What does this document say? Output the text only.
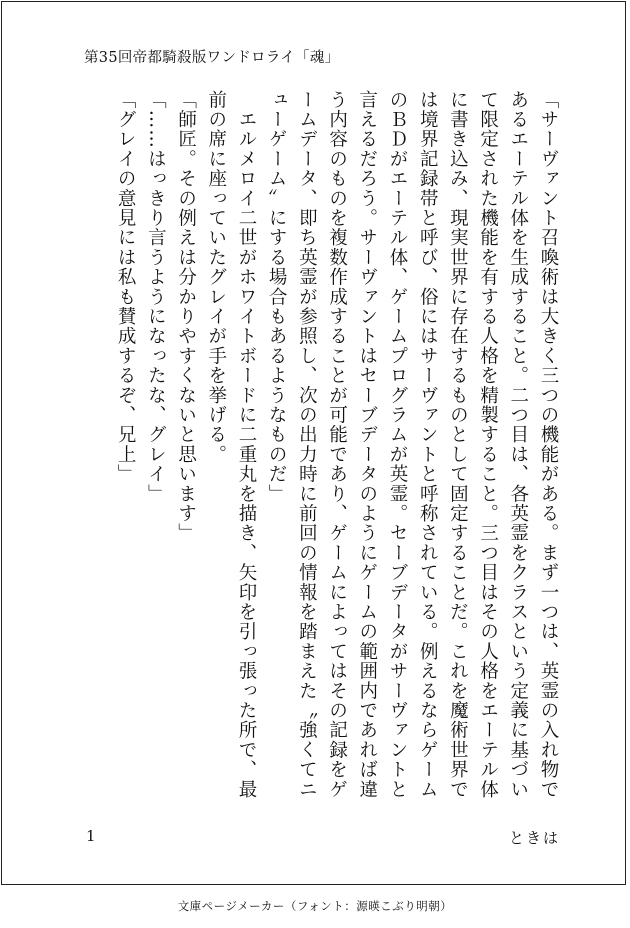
第35回帝都騎殺版ワンドロライ「魂」

「サーヴァント召喚術は大きく三つの機能がある。まず一つは、英霊の入れ物で

あるエーテル体を生成すること。二つ目は、各英霊をクラスという定義に基づい

て限定された機能を有する人格を精製すること。三つ目はその人格をエーテル体

に書き込み、現実世界に存在するものとして固定することだ。これを魔術世界で

は境界記録帯と呼び、俗にはサーヴァントと呼称されている。例えるならゲーム

のＢＤがエーテル体、ゲームプログラムが英霊。セーブデータがサーヴァントと

言えるだろう。サーヴァントはセーブデータのようにゲームの範囲内であれば違

う内容のものを複数作成することが可能であり、ゲームによってはその記録をゲ

ームデータ、即ち英霊が参照し、次の出力時に前回の情報を踏まえた〝強くてニ

ューゲーム〟にする場合もあるようなものだ」

　エルメロイ二世がホワイトボードに二重丸を描き、矢印を引っ張った所で、最

前の席に座っていたグレイが手を挙げる。

「師匠。その例えは分かりやすくないと思います」

「……はっきり言うようになったな、グレイ」

「グレイの意見には私も賛成するぞ、兄上」

1	ときは
文庫ページメーカー（フォント：源暎こぶり明朝）
